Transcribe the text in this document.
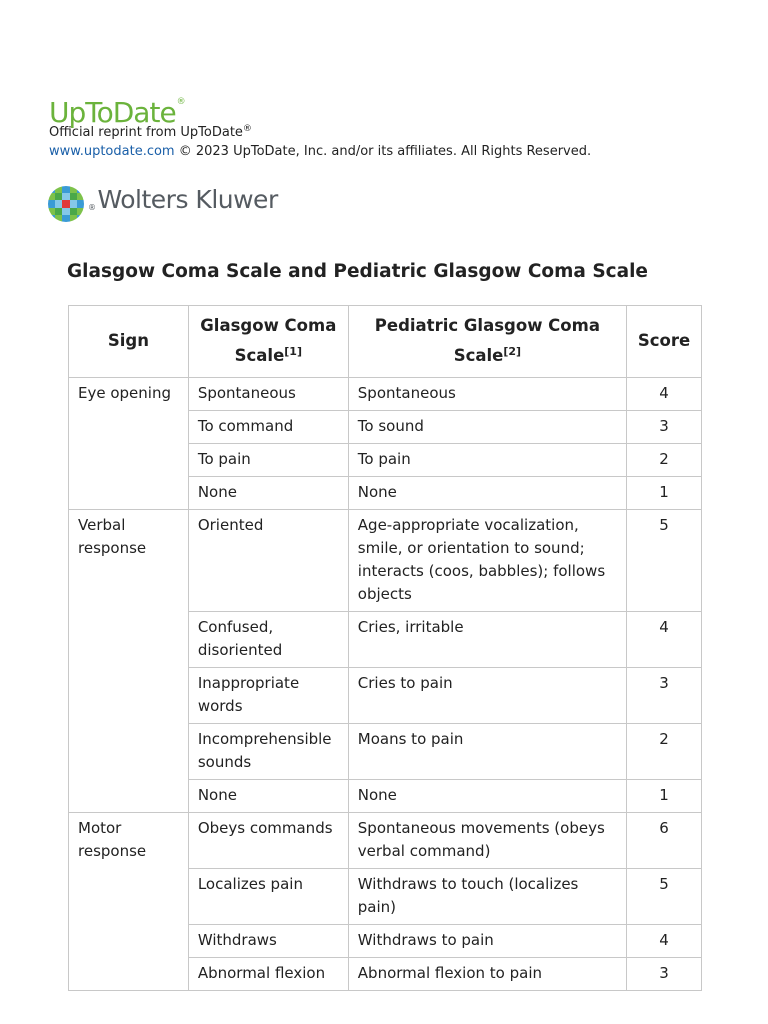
UpToDate®
Official reprint from UpToDate®
www.uptodate.com © 2023 UpToDate, Inc. and/or its affiliates. All Rights Reserved.
®Wolters Kluwer
Glasgow Coma Scale and Pediatric Glasgow Coma Scale
Sign	Glasgow Coma Scale[1]	Pediatric Glasgow Coma Scale[2]	Score
Eye opening	Spontaneous	Spontaneous	4
	To command	To sound	3
	To pain	To pain	2
	None	None	1
Verbal response	Oriented	Age-appropriate vocalization, smile, or orientation to sound; interacts (coos, babbles); follows objects	5
	Confused, disoriented	Cries, irritable	4
	Inappropriate words	Cries to pain	3
	Incomprehensible sounds	Moans to pain	2
	None	None	1
Motor response	Obeys commands	Spontaneous movements (obeys verbal command)	6
	Localizes pain	Withdraws to touch (localizes pain)	5
	Withdraws	Withdraws to pain	4
	Abnormal flexion	Abnormal flexion to pain	3
